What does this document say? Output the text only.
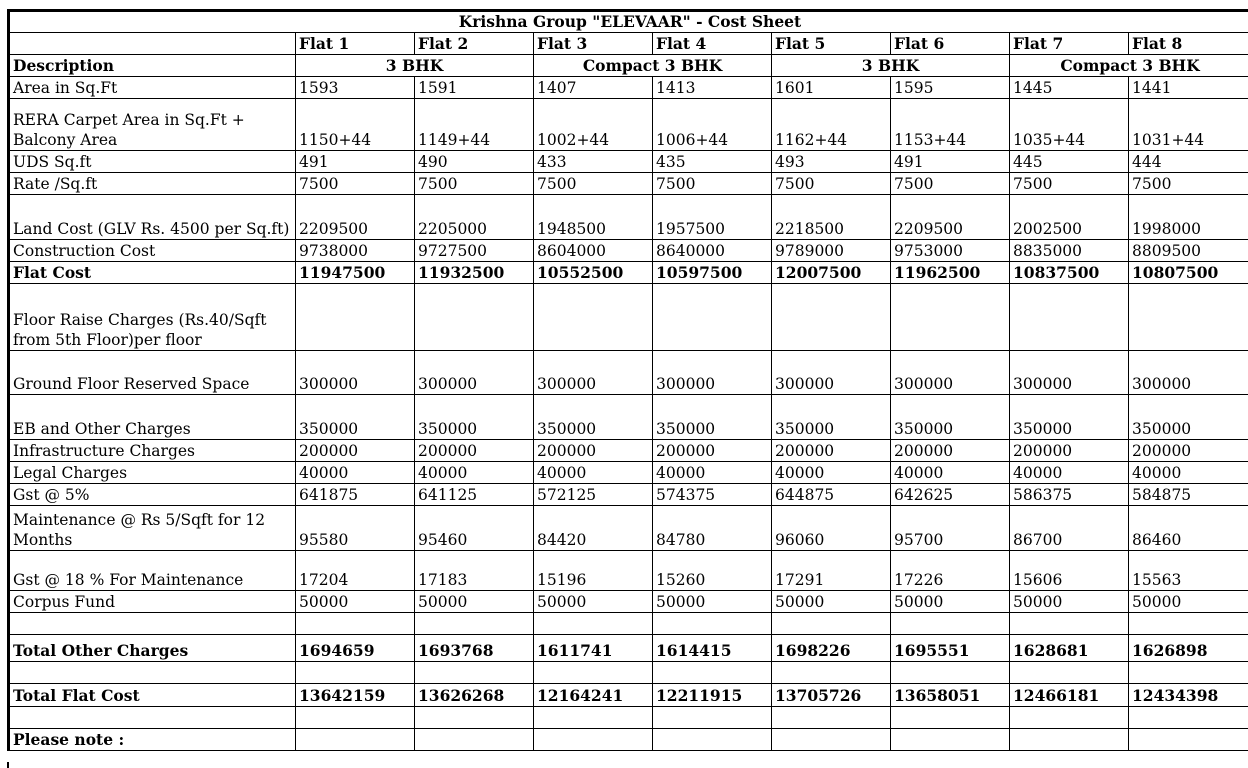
Krishna Group "ELEVAAR" - Cost Sheet								
	Flat 1	Flat 2	Flat 3	Flat 4	Flat 5	Flat 6	Flat 7	Flat 8
Description	3 BHK		Compact 3 BHK		3 BHK		Compact 3 BHK	
Area in Sq.Ft	1593	1591	1407	1413	1601	1595	1445	1441
RERA Carpet Area in Sq.Ft + Balcony Area	1150+44	1149+44	1002+44	1006+44	1162+44	1153+44	1035+44	1031+44
UDS Sq.ft	491	490	433	435	493	491	445	444
Rate /Sq.ft	7500	7500	7500	7500	7500	7500	7500	7500
Land Cost (GLV Rs. 4500 per Sq.ft)	2209500	2205000	1948500	1957500	2218500	2209500	2002500	1998000
Construction Cost	9738000	9727500	8604000	8640000	9789000	9753000	8835000	8809500
Flat Cost	11947500	11932500	10552500	10597500	12007500	11962500	10837500	10807500
Floor Raise Charges (Rs.40/Sqft from 5th Floor)per floor								
Ground Floor Reserved Space	300000	300000	300000	300000	300000	300000	300000	300000
EB and Other Charges	350000	350000	350000	350000	350000	350000	350000	350000
Infrastructure Charges	200000	200000	200000	200000	200000	200000	200000	200000
Legal Charges	40000	40000	40000	40000	40000	40000	40000	40000
Gst @ 5%	641875	641125	572125	574375	644875	642625	586375	584875
Maintenance @ Rs 5/Sqft for 12 Months	95580	95460	84420	84780	96060	95700	86700	86460
Gst @ 18 % For Maintenance	17204	17183	15196	15260	17291	17226	15606	15563
Corpus Fund	50000	50000	50000	50000	50000	50000	50000	50000

Total Other Charges	1694659	1693768	1611741	1614415	1698226	1695551	1628681	1626898

Total Flat Cost	13642159	13626268	12164241	12211915	13705726	13658051	12466181	12434398

Please note :								
